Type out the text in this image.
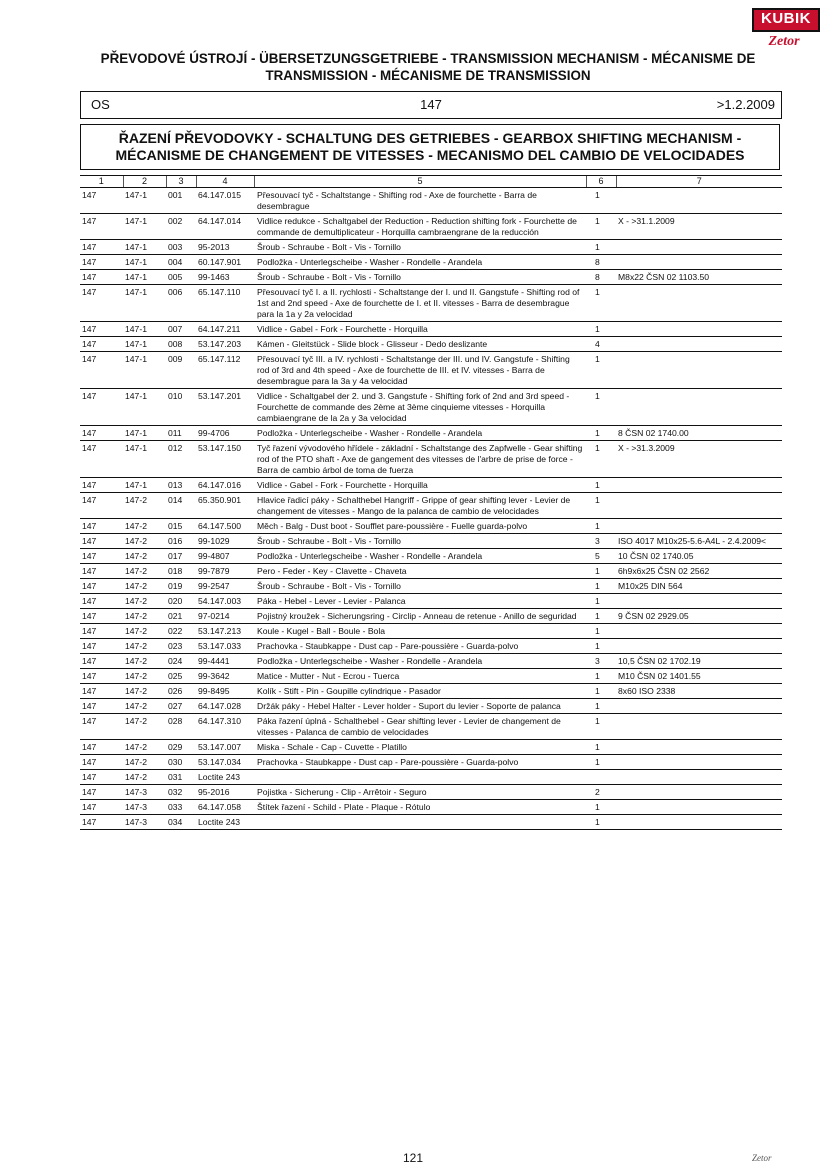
KUBIK
Zetor
PŘEVODOVÉ ÚSTROJÍ - ÜBERSETZUNGSGETRIEBE - TRANSMISSION MECHANISM - MÉCANISME DE
TRANSMISSION - MÉCANISME DE TRANSMISSION
OS	147	>1.2.2009
ŘAZENÍ PŘEVODOVKY - SCHALTUNG DES GETRIEBES - GEARBOX SHIFTING MECHANISM -
MÉCANISME DE CHANGEMENT DE VITESSES - MECANISMO DEL CAMBIO DE VELOCIDADES
1	2	3	4	5	6	7
147	147-1	001	64.147.015	Přesouvací tyč - Schaltstange - Shifting rod - Axe de fourchette - Barra de desembrague	1	
147	147-1	002	64.147.014	Vidlice redukce - Schaltgabel der Reduction - Reduction shifting fork - Fourchette de commande de demultiplicateur - Horquilla cambraengrane de la reducción	1	X - >31.1.2009
147	147-1	003	95-2013	Šroub - Schraube - Bolt - Vis - Tornillo	1	
147	147-1	004	60.147.901	Podložka - Unterlegscheibe - Washer - Rondelle - Arandela	8	
147	147-1	005	99-1463	Šroub - Schraube - Bolt - Vis - Tornillo	8	M8x22 ČSN 02 1103.50
147	147-1	006	65.147.110	Přesouvací tyč I. a II. rychlosti - Schaltstange der I. und II. Gangstufe - Shifting rod of 1st and 2nd speed - Axe de fourchette de I. et II. vitesses - Barra de desembrague para la 1a y 2a velocidad	1	
147	147-1	007	64.147.211	Vidlice - Gabel - Fork - Fourchette - Horquilla	1	
147	147-1	008	53.147.203	Kámen - Gleitstück - Slide block - Glisseur - Dedo deslizante	4	
147	147-1	009	65.147.112	Přesouvací tyč III. a IV. rychlosti - Schaltstange der III. und IV. Gangstufe - Shifting rod of 3rd and 4th speed - Axe de fourchette de III. et IV. vitesses - Barra de desembrague para la 3a y 4a velocidad	1	
147	147-1	010	53.147.201	Vidlice - Schaltgabel der 2. und 3. Gangstufe - Shifting fork of 2nd and 3rd speed - Fourchette de commande des 2ème at 3ème cinquieme vitesses - Horquilla cambiaengrane de la 2a y 3a velocidad	1	
147	147-1	011	99-4706	Podložka - Unterlegscheibe - Washer - Rondelle - Arandela	1	8 ČSN 02 1740.00
147	147-1	012	53.147.150	Tyč řazení vývodového hřídele - základní - Schaltstange des Zapfwelle - Gear shifting rod of the PTO shaft - Axe de gangement des vitesses de l'arbre de prise de force - Barra de cambio árbol de toma de fuerza	1	X - >31.3.2009
147	147-1	013	64.147.016	Vidlice - Gabel - Fork - Fourchette - Horquilla	1	
147	147-2	014	65.350.901	Hlavice řadicí páky - Schalthebel Hangriff - Grippe of gear shifting lever - Levier de changement de vitesses - Mango de la palanca de cambio de velocidades	1	
147	147-2	015	64.147.500	Měch - Balg - Dust boot - Soufflet pare-poussière - Fuelle guarda-polvo	1	
147	147-2	016	99-1029	Šroub - Schraube - Bolt - Vis - Tornillo	3	ISO 4017 M10x25-5.6-A4L - 2.4.2009<
147	147-2	017	99-4807	Podložka - Unterlegscheibe - Washer - Rondelle - Arandela	5	10 ČSN 02 1740.05
147	147-2	018	99-7879	Pero - Feder - Key - Clavette - Chaveta	1	6h9x6x25 ČSN 02 2562
147	147-2	019	99-2547	Šroub - Schraube - Bolt - Vis - Tornillo	1	M10x25 DIN 564
147	147-2	020	54.147.003	Páka - Hebel - Lever - Levier - Palanca	1	
147	147-2	021	97-0214	Pojistný kroužek - Sicherungsring - Circlip - Anneau de retenue - Anillo de seguridad	1	9 ČSN 02 2929.05
147	147-2	022	53.147.213	Koule - Kugel - Ball - Boule - Bola	1	
147	147-2	023	53.147.033	Prachovka - Staubkappe - Dust cap - Pare-poussière - Guarda-polvo	1	
147	147-2	024	99-4441	Podložka - Unterlegscheibe - Washer - Rondelle - Arandela	3	10,5 ČSN 02 1702.19
147	147-2	025	99-3642	Matice - Mutter - Nut - Ecrou - Tuerca	1	M10 ČSN 02 1401.55
147	147-2	026	99-8495	Kolík - Stift - Pin - Goupille cylindrique - Pasador	1	8x60 ISO 2338
147	147-2	027	64.147.028	Držák páky - Hebel Halter - Lever holder - Suport du levier - Soporte de palanca	1	
147	147-2	028	64.147.310	Páka řazení úplná - Schalthebel - Gear shifting lever - Levier de changement de vitesses - Palanca de cambio de velocidades	1	
147	147-2	029	53.147.007	Miska - Schale - Cap - Cuvette - Platillo	1	
147	147-2	030	53.147.034	Prachovka - Staubkappe - Dust cap - Pare-poussière - Guarda-polvo	1	
147	147-2	031	Loctite 243			
147	147-3	032	95-2016	Pojistka - Sicherung - Clip - Arrêtoir - Seguro	2	
147	147-3	033	64.147.058	Štítek řazení - Schild - Plate - Plaque - Rótulo	1	
147	147-3	034	Loctite 243		1	
121	Zetor
